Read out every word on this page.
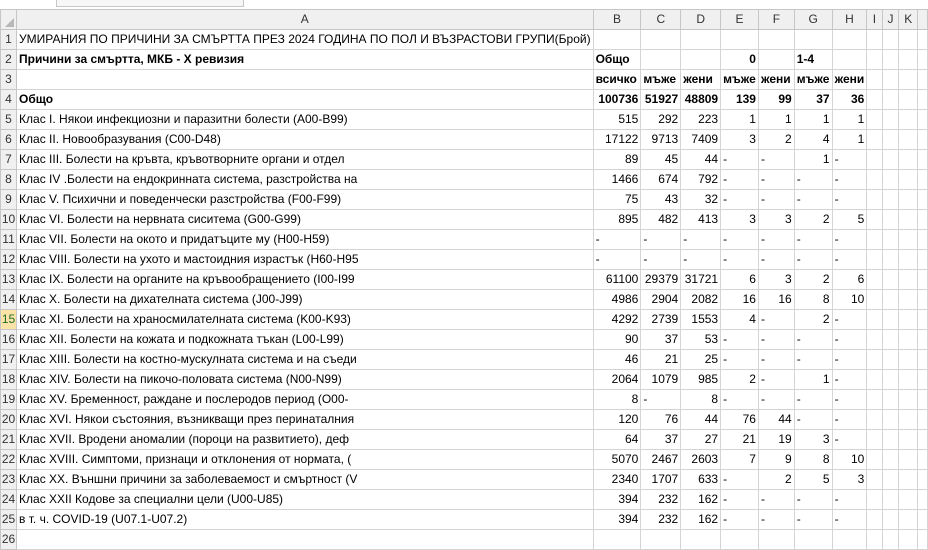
	A	B	C	D	E	F	G	H	I	J	K	
1	УМИРАНИЯ ПО ПРИЧИНИ ЗА СМЪРТТА ПРЕЗ 2024 ГОДИНА ПО ПОЛ И ВЪЗРАСТОВИ ГРУПИ(Брой)											
2	Причини за смъртта, МКБ - Х ревизия	Общо			0		1-4					
3		всичко	мъже	жени	мъже	жени	мъже	жени				
4	Общо	100736	51927	48809	139	99	37	36				
5	Клас I. Някои инфекциозни и паразитни болести (A00-B99)	515	292	223	1	1	1	1				
6	Клас II. Новообразувания (C00-D48)	17122	9713	7409	3	2	4	1				
7	Клас III. Болести на кръвта, кръвотворните органи и отдел	89	45	44	-	-	1	-				
8	Клас IV .Болести на ендокринната система, разстройства на	1466	674	792	-	-	-	-				
9	Клас V. Психични и поведенчески разстройства (F00-F99)	75	43	32	-	-	-	-				
10	Клас VI. Болести на нервната сиситема (G00-G99)	895	482	413	3	3	2	5				
11	Клас VII. Болести на окото и придатъците му (H00-H59)	-	-	-	-	-	-	-				
12	Клас VIII. Болести на ухото и мастоидния израстък (H60-H95	-	-	-	-	-	-	-				
13	Клас IX. Болести на органите на кръвообращението (I00-I99	61100	29379	31721	6	3	2	6				
14	Клас X. Болести на дихателната система (J00-J99)	4986	2904	2082	16	16	8	10				
15	Клас XI. Болести на храносмилателната система (K00-K93)	4292	2739	1553	4	-	2	-				
16	Клас XII. Болести на кожата и подкожната тъкан (L00-L99)	90	37	53	-	-	-	-				
17	Клас XIII. Болести на костно-мускулната система и на съеди	46	21	25	-	-	-	-				
18	Клас XIV. Болести на пикочо-половата система (N00-N99)	2064	1079	985	2	-	1	-				
19	Клас XV. Бременност, раждане и послеродов период (O00-	8	-	8	-	-	-	-				
20	Клас XVI. Някои състояния, възникващи през перинаталния	120	76	44	76	44	-	-				
21	Клас XVII. Вродени аномалии (пороци на развитието), деф	64	37	27	21	19	3	-				
22	Клас XVIII. Симптоми, признаци и отклонения от нормата, (	5070	2467	2603	7	9	8	10				
23	Клас XX. Външни причини за заболеваемост и смъртност (V	2340	1707	633	-	2	5	3				
24	Клас XXII Кодове за специални цели (U00-U85)	394	232	162	-	-	-	-				
25	в т. ч. COVID-19 (U07.1-U07.2)	394	232	162	-	-	-	-				
26												
